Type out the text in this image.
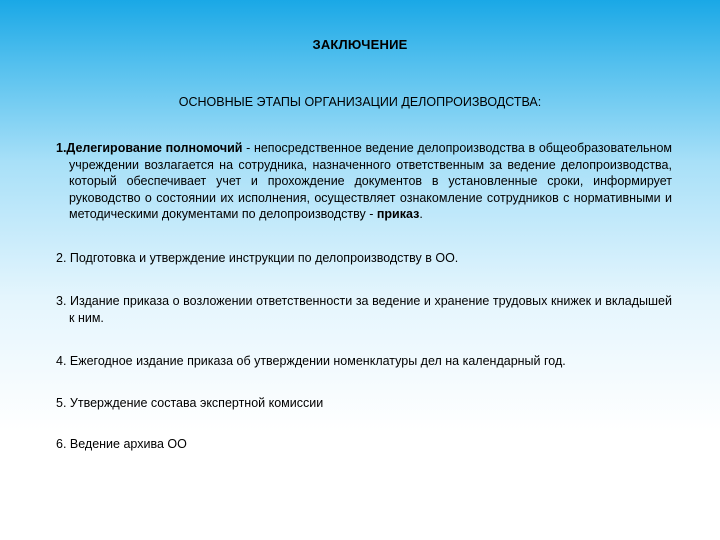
ЗАКЛЮЧЕНИЕ
ОСНОВНЫЕ ЭТАПЫ ОРГАНИЗАЦИИ ДЕЛОПРОИЗВОДСТВА:
1.Делегирование полномочий - непосредственное ведение делопроизводства в общеобразовательном учреждении возлагается на сотрудника, назначенного ответственным за ведение делопроизводства, который обеспечивает учет и прохождение документов в установленные сроки, информирует руководство о состоянии их исполнения, осуществляет ознакомление сотрудников с нормативными и методическими документами по делопроизводству - приказ.
2. Подготовка и утверждение инструкции по делопроизводству в ОО.
3. Издание приказа о возложении ответственности за ведение и хранение трудовых книжек и вкладышей к ним.
4. Ежегодное издание приказа об утверждении номенклатуры дел на календарный год.
5. Утверждение состава экспертной комиссии
6. Ведение архива ОО
